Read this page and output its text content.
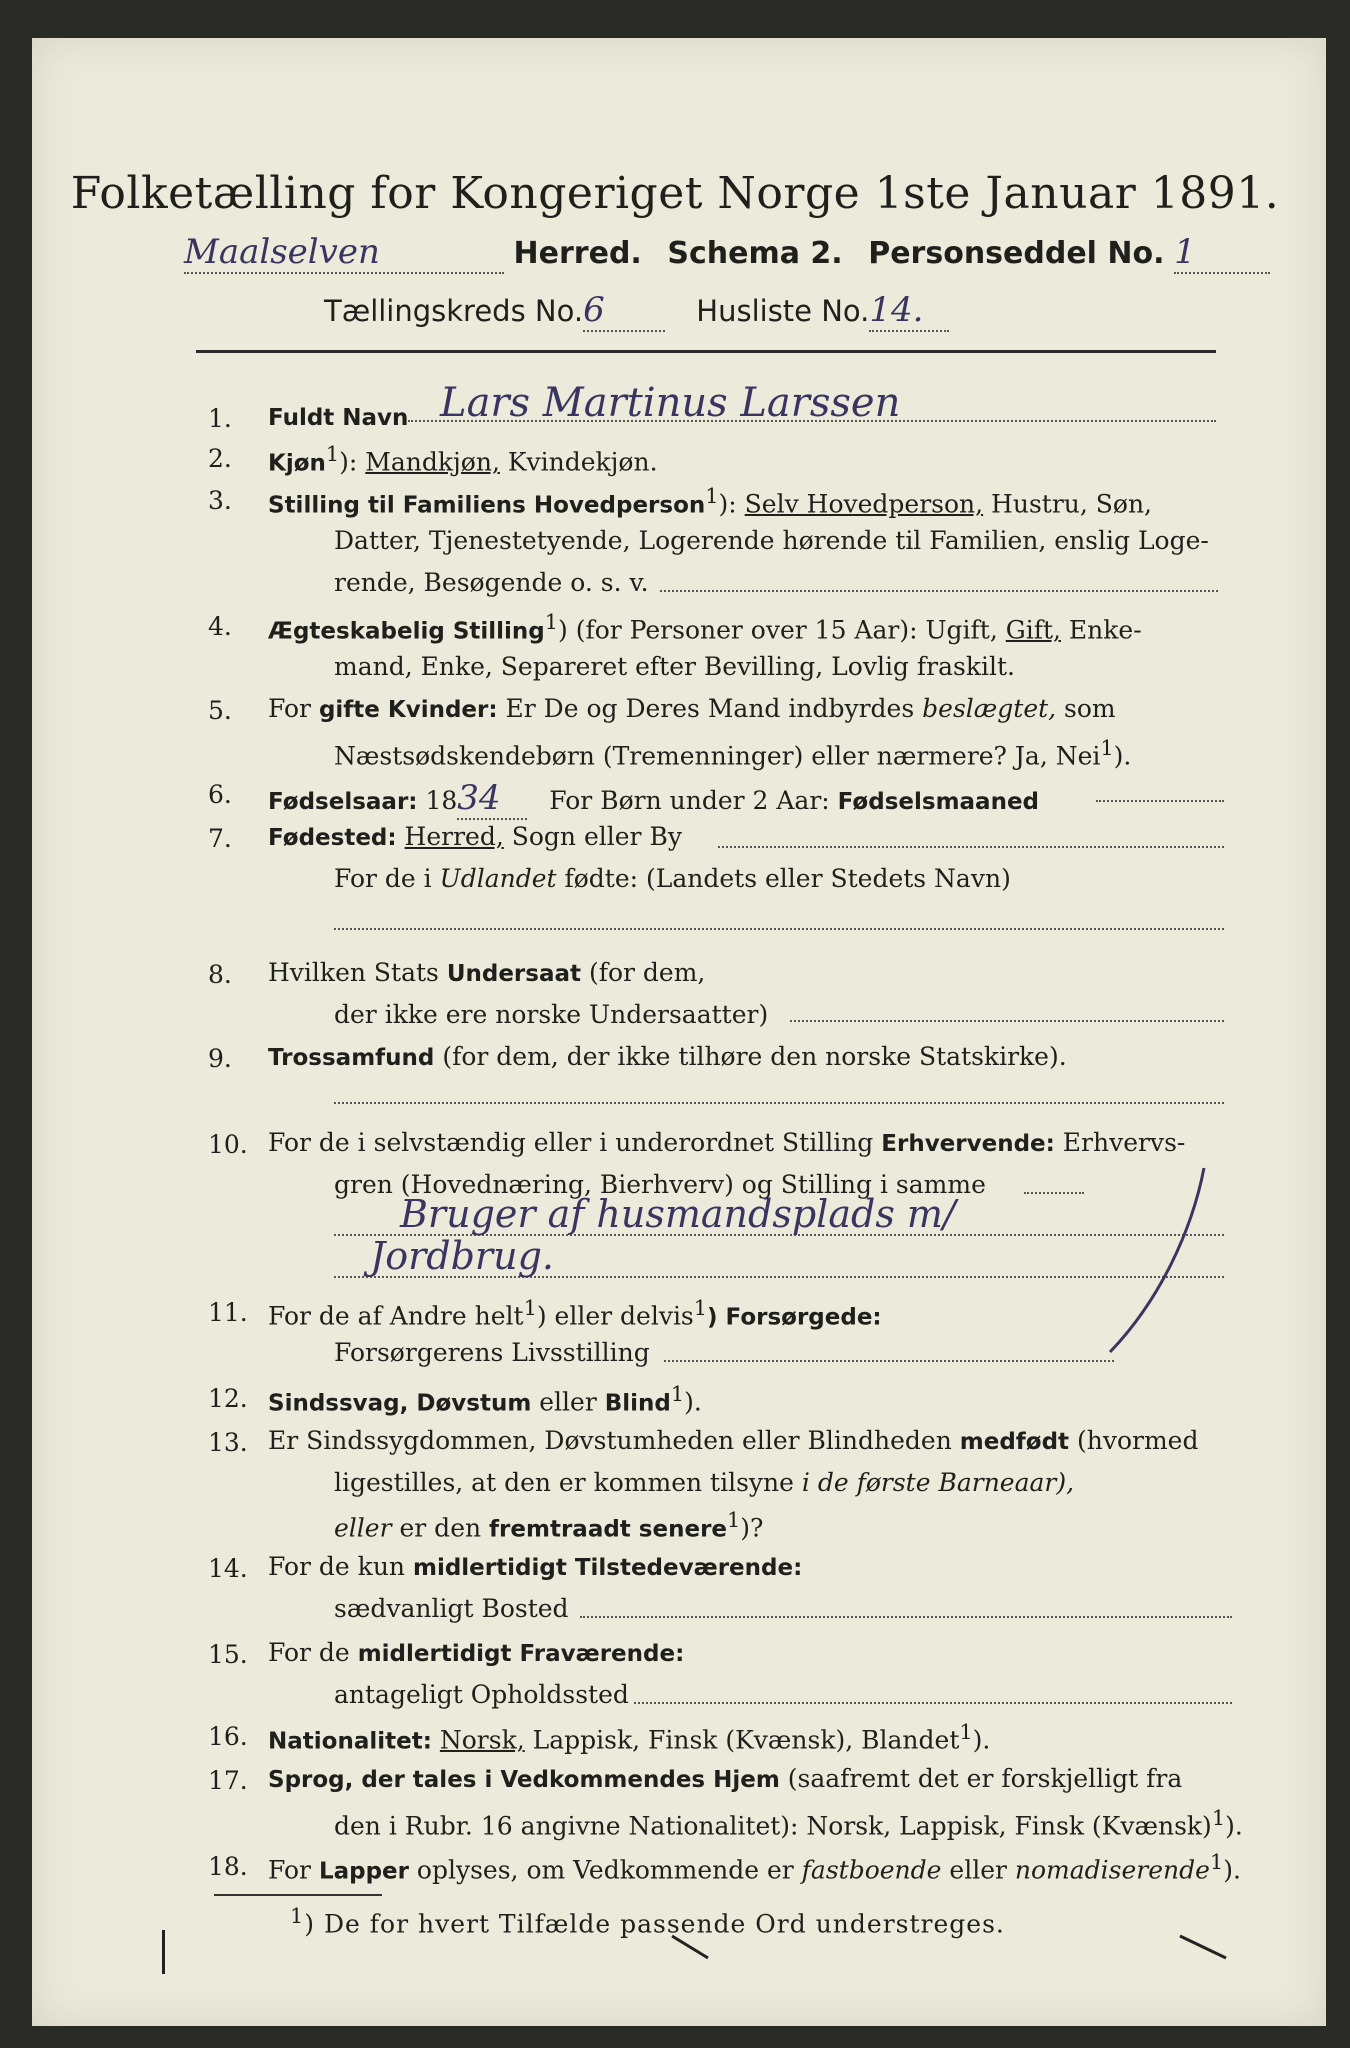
Folketælling for Kongeriget Norge 1ste Januar 1891.
Maalselven	Herred. Schema 2. Personseddel No. 1
Tællingskreds No.6	Husliste No.14.
1.	Fuldt Navn Lars Martinus Larssen
2.	Kjøn$^1$): Mandkjøn, Kvindekjøn.
3.	Stilling til Familiens Hovedperson$^1$): Selv Hovedperson, Hustru, Søn,
Datter, Tjenestetyende, Logerende hørende til Familien, enslig Loge-
rende, Besøgende o. s. v.
4.	Ægteskabelig Stilling$^1$) (for Personer over 15 Aar): Ugift, Gift, Enke-
mand, Enke, Separeret efter Bevilling, Lovlig fraskilt.
5.	For gifte Kvinder: Er De og Deres Mand indbyrdes beslægtet, som
Næstsødskendebørn (Tremenninger) eller nærmere? Ja, Nei$^1$).
6.	Fødselsaar: 1834 For Børn under 2 Aar: Fødselsmaaned
7.	Fødested: Herred, Sogn eller By
For de i Udlandet fødte: (Landets eller Stedets Navn)
8.	Hvilken Stats Undersaat (for dem,
der ikke ere norske Undersaatter)
9.	Trossamfund (for dem, der ikke tilhøre den norske Statskirke).
10. For de i selvstændig eller i underordnet Stilling Erhvervende: Erhvervs-
gren (Hovednæring, Bierhverv) og Stilling i samme
Bruger af husmandsplads m/
Jordbrug.
11. For de af Andre helt$^1$) eller delvis$^1$) Forsørgede:
Forsørgerens Livsstilling
12. Sindssvag, Døvstum eller Blind$^1$).
13. Er Sindssygdommen, Døvstumheden eller Blindheden medfødt (hvormed
ligestilles, at den er kommen tilsyne i de første Barneaar),
eller er den fremtraadt senere$^1$)?
14. For de kun midlertidigt Tilstedeværende:
sædvanligt Bosted
15. For de midlertidigt Fraværende:
antageligt Opholdssted
16. Nationalitet: Norsk, Lappisk, Finsk (Kvænsk), Blandet$^1$).
17. Sprog, der tales i Vedkommendes Hjem (saafremt det er forskjelligt fra
den i Rubr. 16 angivne Nationalitet): Norsk, Lappisk, Finsk (Kvænsk)$^1$).
18. For Lapper oplyses, om Vedkommende er fastboende eller nomadiserende$^1$).
$^1$) De for hvert Tilfælde passende Ord understreges.
